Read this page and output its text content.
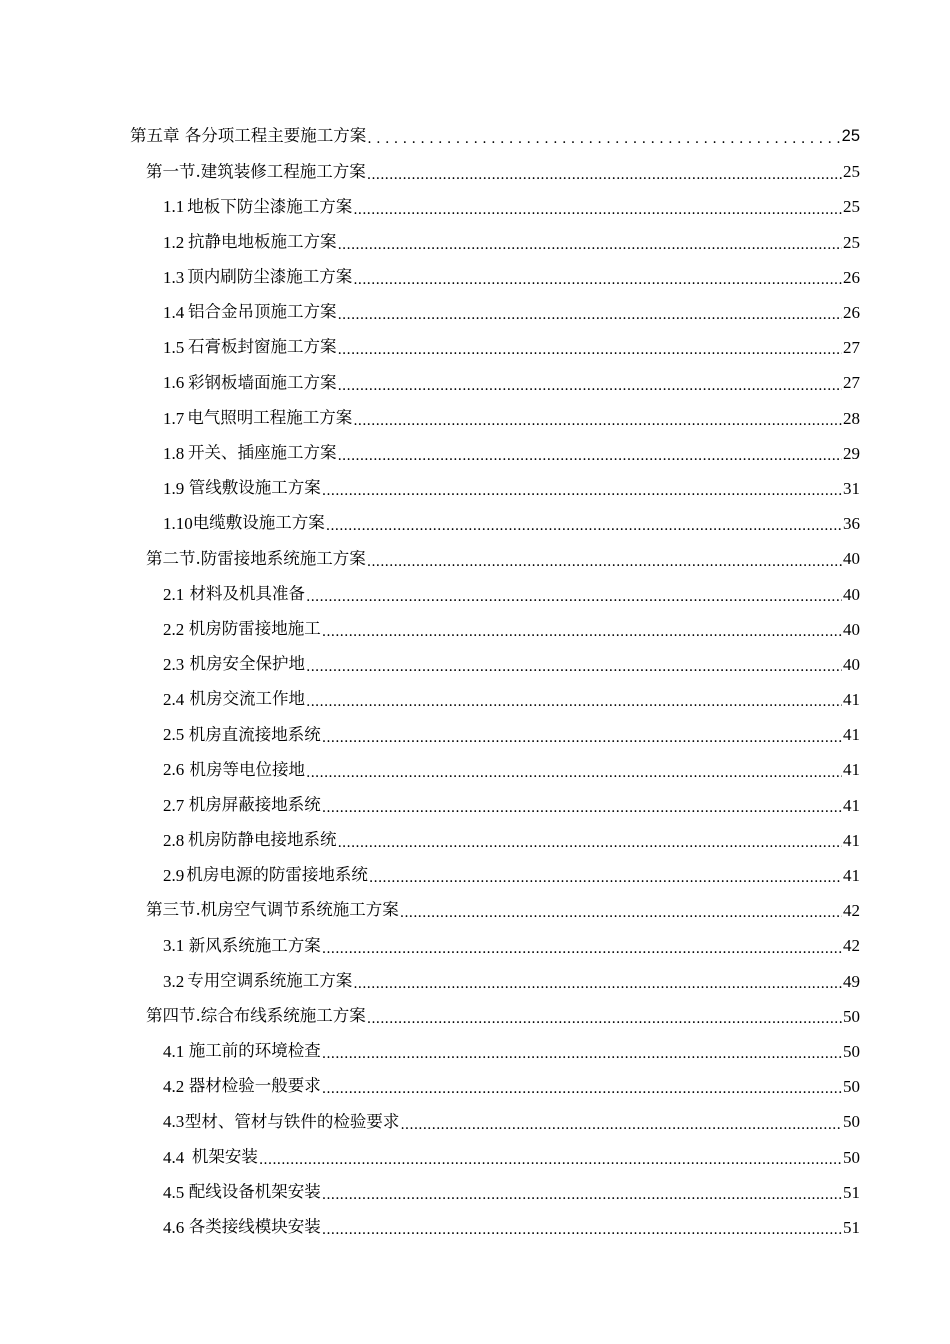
第五章 各分项工程主要施工方案 .....	25
第一节. 建筑装修工程施工方案 .....	25
1.1 地板下防尘漆施工方案 .....	25
1.2 抗静电地板施工方案 .....	25
1.3 顶内刷防尘漆施工方案 .....	26
1.4 铝合金吊顶施工方案 .....	26
1.5 石膏板封窗施工方案 .....	27
1.6 彩钢板墙面施工方案 .....	27
1.7 电气照明工程施工方案 .....	28
1.8 开关、插座施工方案 .....	29
1.9 管线敷设施工方案 .....	31
1.10 电缆敷设施工方案 .....	36
第二节. 防雷接地系统施工方案 .....	40
2.1 材料及机具准备 .....	40
2.2 机房防雷接地施工 .....	40
2.3 机房安全保护地 .....	40
2.4 机房交流工作地 .....	41
2.5 机房直流接地系统 .....	41
2.6 机房等电位接地 .....	41
2.7 机房屏蔽接地系统 .....	41
2.8 机房防静电接地系统 .....	41
2.9 机房电源的防雷接地系统 .....	41
第三节. 机房空气调节系统施工方案 .....	42
3.1 新风系统施工方案 .....	42
3.2 专用空调系统施工方案 .....	49
第四节. 综合布线系统施工方案 .....	50
4.1 施工前的环境检查 .....	50
4.2 器材检验一般要求 .....	50
4.3 型材、管材与铁件的检验要求 .....	50
4.4 机架安装 .....	50
4.5 配线设备机架安装 .....	51
4.6 各类接线模块安装 .....	51
